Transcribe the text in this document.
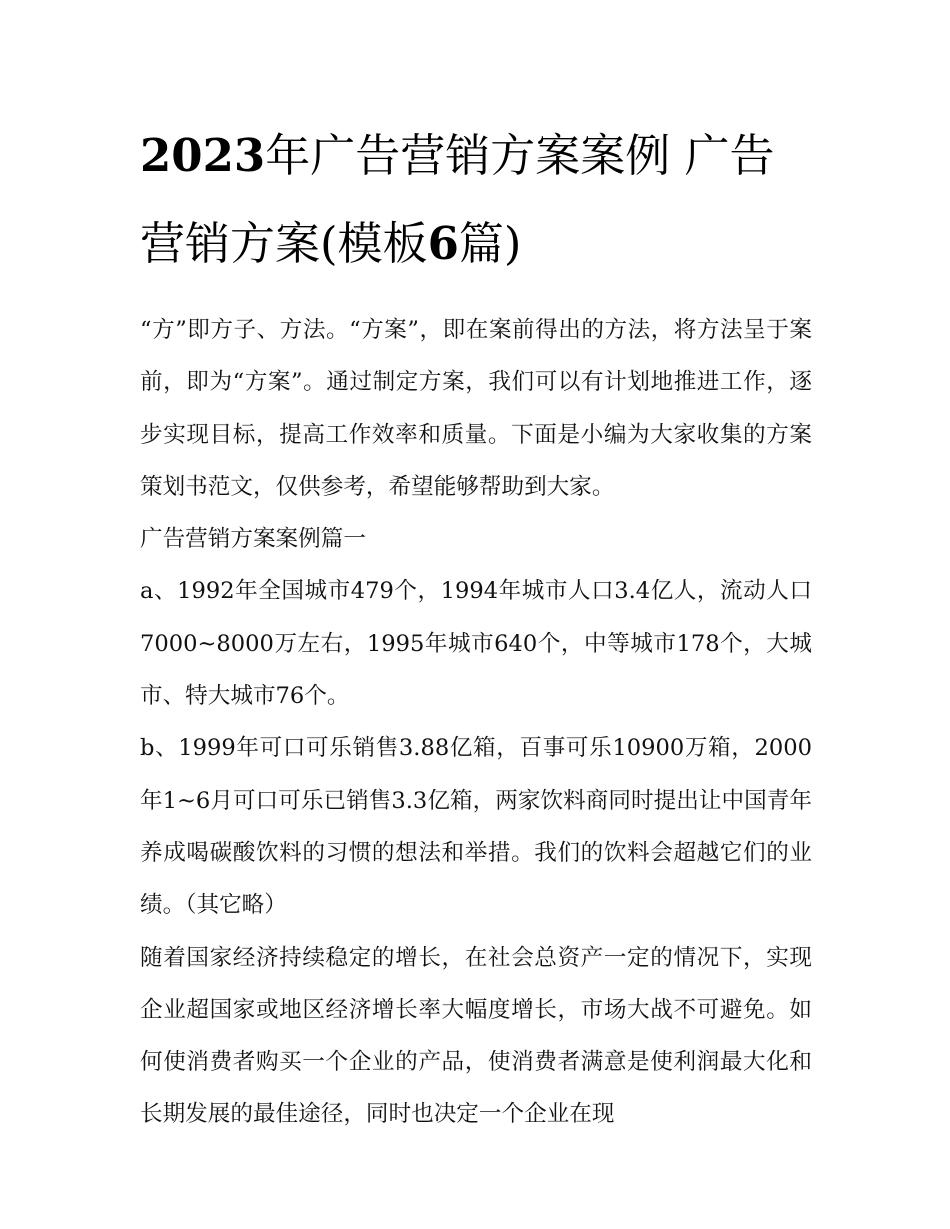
2023年广告营销方案案例 广告营销方案(模板6篇)

“方”即方子、方法。“方案”，即在案前得出的方法，将方法呈于案前，即为“方案”。通过制定方案，我们可以有计划地推进工作，逐步实现目标，提高工作效率和质量。下面是小编为大家收集的方案策划书范文，仅供参考，希望能够帮助到大家。

广告营销方案案例篇一

a、1992年全国城市479个，1994年城市人口3.4亿人，流动人口7000~8000万左右，1995年城市640个，中等城市178个，大城市、特大城市76个。

b、1999年可口可乐销售3.88亿箱，百事可乐10900万箱，2000年1~6月可口可乐已销售3.3亿箱，两家饮料商同时提出让中国青年养成喝碳酸饮料的习惯的想法和举措。我们的饮料会超越它们的业绩。（其它略）

随着国家经济持续稳定的增长，在社会总资产一定的情况下，实现企业超国家或地区经济增长率大幅度增长，市场大战不可避免。如何使消费者购买一个企业的产品，使消费者满意是使利润最大化和长期发展的最佳途径，同时也决定一个企业在现
